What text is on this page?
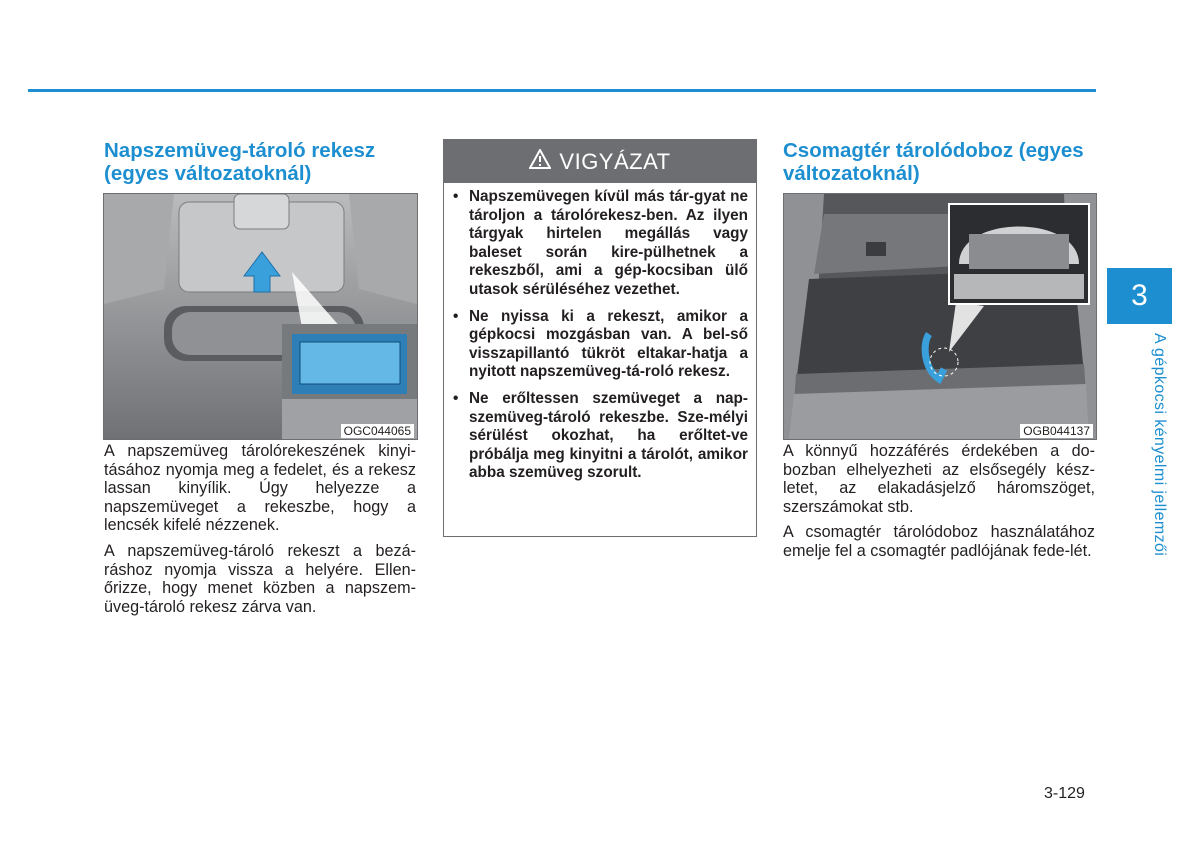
Napszemüveg-tároló rekesz (egyes változatoknál)
OGC044065

A napszemüveg tárolórekeszének kinyi-tásához nyomja meg a fedelet, és a rekesz lassan kinyílik. Úgy helyezze a napszemüveget a rekeszbe, hogy a lencsék kifelé nézzenek.

A napszemüveg-tároló rekeszt a bezá-ráshoz nyomja vissza a helyére. Ellen-őrizze, hogy menet közben a napszem-üveg-tároló rekesz zárva van.

VIGYÁZAT
• Napszemüvegen kívül más tár-gyat ne tároljon a tárolórekesz-ben. Az ilyen tárgyak hirtelen megállás vagy baleset során kire-pülhetnek a rekeszből, ami a gép-kocsiban ülő utasok sérüléséhez vezethet.
• Ne nyissa ki a rekeszt, amikor a gépkocsi mozgásban van. A bel-ső visszapillantó tükröt eltakar-hatja a nyitott napszemüveg-tá-roló rekesz.
• Ne erőltessen szemüveget a nap-szemüveg-tároló rekeszbe. Sze-mélyi sérülést okozhat, ha erőltet-ve próbálja meg kinyitni a tárolót, amikor abba szemüveg szorult.
Csomagtér tárolódoboz (egyes változatoknál)
OGB044137

A könnyű hozzáférés érdekében a do-bozban elhelyezheti az elsősegély kész-letet, az elakadásjelző háromszöget, szerszámokat stb.

A csomagtér tárolódoboz használatához emelje fel a csomagtér padlójának fede-lét.

3
A gépkocsi kényelmi jellemzői
3-129
